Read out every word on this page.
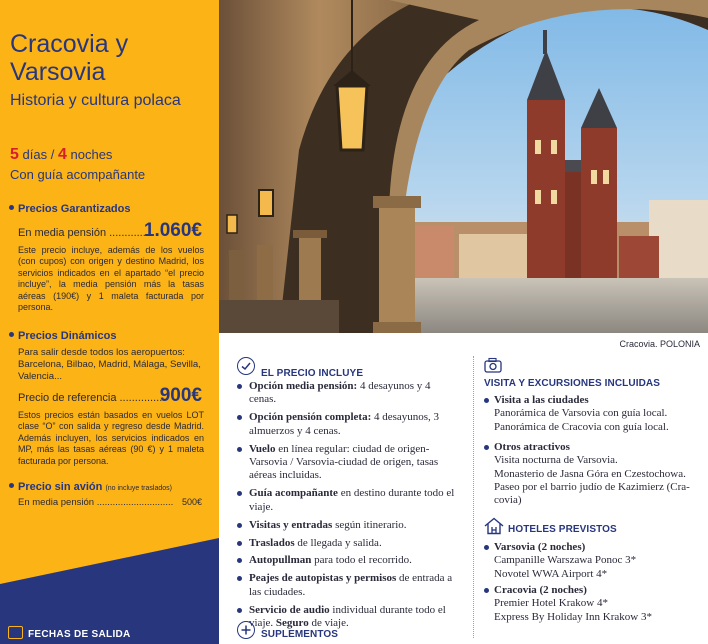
Cracovia y Varsovia
Historia y cultura polaca
5 días / 4 noches
Con guía acompañante
Precios Garantizados
En media pensión ..............
1.060€
Este precio incluye, además de los vuelos (con cupos) con origen y destino Madrid, los servicios indicados en el apartado “el precio incluye”, la media pensión más la tasas aéreas (190€) y 1 maleta facturada por persona.
Precios Dinámicos
Para salir desde todos los aeropuertos: Barcelona, Bilbao, Madrid, Málaga, Sevilla, Valencia...
Precio de referencia ..............
900€
Estos precios están basados en vuelos LOT clase “O” con salida y regreso desde Madrid. Además incluyen, los servicios indicados en MP, más las tasas aéreas (90 €) y 1 maleta facturada por persona.
Precio sin avión (no incluye traslados)
En media pensión ............................. 500€
FECHAS DE SALIDA
Cracovia. POLONIA
EL PRECIO INCLUYE
Opción media pensión: 4 desayunos y 4 cenas.
Opción pensión completa: 4 desayunos, 3 almuerzos y 4 cenas.
Vuelo en línea regular: ciudad de origen-Varsovia / Varsovia-ciudad de origen, tasas aéreas incluidas.
Guía acompañante en destino durante todo el viaje.
Visitas y entradas según itinerario.
Traslados de llegada y salida.
Autopullman para todo el recorrido.
Peajes de autopistas y permisos de entrada a las ciudades.
Servicio de audio individual durante todo el viaje. Seguro de viaje.
SUPLEMENTOS
VISITA Y EXCURSIONES INCLUIDAS
Visita a las ciudades
Panorámica de Varsovia con guía local.
Panorámica de Cracovia con guía local.
Otros atractivos
Visita nocturna de Varsovia.
Monasterio de Jasna Góra en Czestochowa.
Paseo por el barrio judío de Kazimierz (Cra-
covia)
HOTELES PREVISTOS
Varsovia (2 noches)
Campanille Warszawa Ponoc 3*
Novotel WWA Airport 4*
Cracovia (2 noches)
Premier Hotel Krakow 4*
Express By Holiday Inn Krakow 3*
